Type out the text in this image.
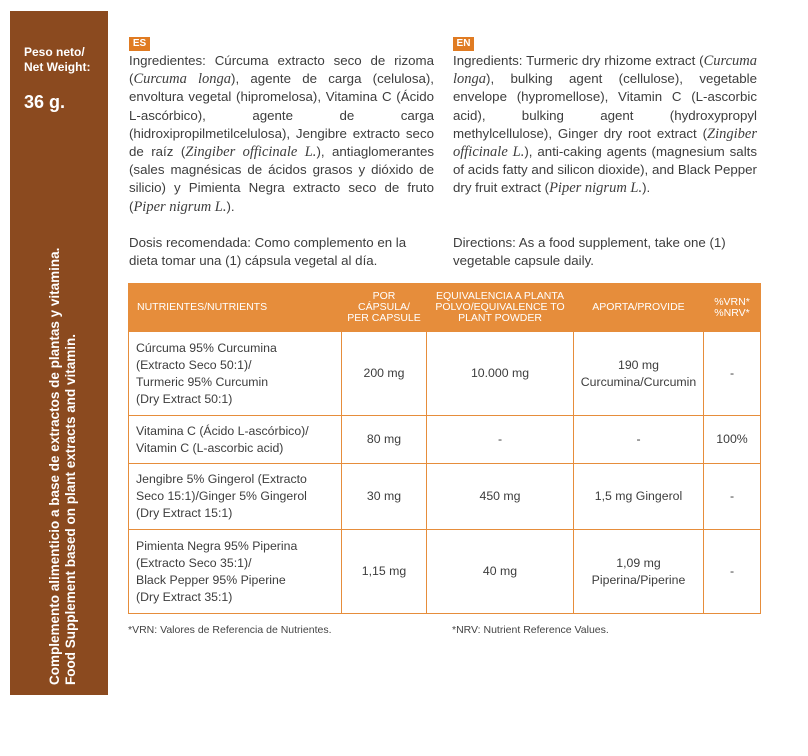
Peso neto/
Net Weight:
36 g.
Complemento alimenticio a base de extractos de plantas y vitamina. Food Supplement based on plant extracts and vitamin.
ES
Ingredientes: Cúrcuma extracto seco de rizoma (Curcuma longa), agente de carga (celulosa), envoltura vegetal (hipromelosa), Vitamina C (Ácido L-ascórbico), agente de carga (hidroxipropilmetilcelulosa), Jengibre extracto seco de raíz (Zingiber officinale L.), antiaglomerantes (sales magnésicas de ácidos grasos y dióxido de silicio) y Pimienta Negra extracto seco de fruto (Piper nigrum L.).
Dosis recomendada: Como complemento en la dieta tomar una (1) cápsula vegetal al día.
EN
Ingredients: Turmeric dry rhizome extract (Curcuma longa), bulking agent (cellulose), vegetable envelope (hypromellose), Vitamin C (L-ascorbic acid), bulking agent (hydroxypropyl methylcellulose), Ginger dry root extract (Zingiber officinale L.), anti-caking agents (magnesium salts of acids fatty and silicon dioxide), and Black Pepper dry fruit extract (Piper nigrum L.).
Directions: As a food supplement, take one (1) vegetable capsule daily.
NUTRIENTES/NUTRIENTS	POR
CÁPSULA/
PER CAPSULE	EQUIVALENCIA A PLANTA
POLVO/EQUIVALENCE TO
PLANT POWDER	APORTA/PROVIDE	%VRN*
%NRV*
Cúrcuma 95% Curcumina
(Extracto Seco 50:1)/
Turmeric 95% Curcumin
(Dry Extract 50:1)	200 mg	10.000 mg	190 mg
Curcumina/Curcumin	-
Vitamina C (Ácido L-ascórbico)/
Vitamin C (L-ascorbic acid)	80 mg	-	-	100%
Jengibre 5% Gingerol (Extracto
Seco 15:1)/Ginger 5% Gingerol
(Dry Extract 15:1)	30 mg	450 mg	1,5 mg Gingerol	-
Pimienta Negra 95% Piperina
(Extracto Seco 35:1)/
Black Pepper 95% Piperine
(Dry Extract 35:1)	1,15 mg	40 mg	1,09 mg
Piperina/Piperine	-
*VRN: Valores de Referencia de Nutrientes.	*NRV: Nutrient Reference Values.
